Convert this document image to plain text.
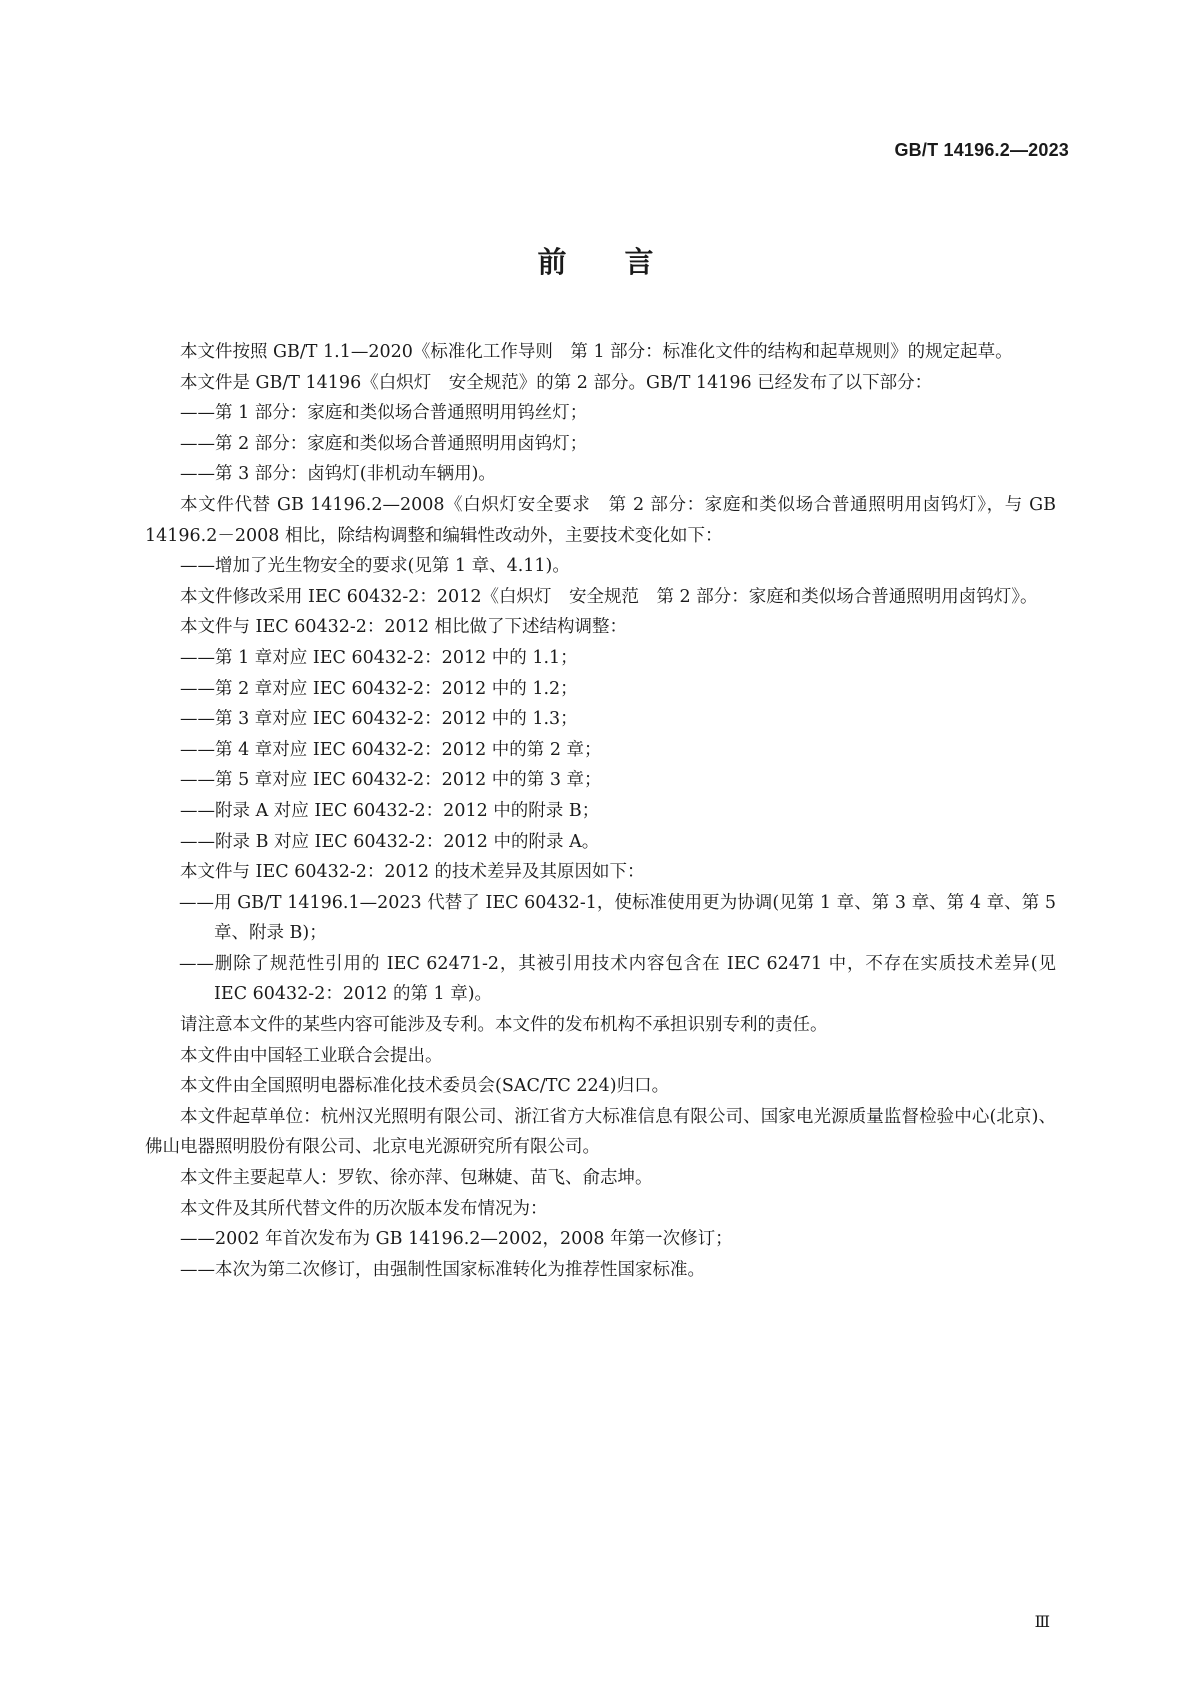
GB/T 14196.2—2023
前言

本文件按照 GB/T 1.1—2020《标准化工作导则　第 1 部分：标准化文件的结构和起草规则》的规定起草。

本文件是 GB/T 14196《白炽灯　安全规范》的第 2 部分。GB/T 14196 已经发布了以下部分：

——第 1 部分：家庭和类似场合普通照明用钨丝灯；

——第 2 部分：家庭和类似场合普通照明用卤钨灯；

——第 3 部分：卤钨灯(非机动车辆用)。

本文件代替 GB 14196.2—2008《白炽灯安全要求　第 2 部分：家庭和类似场合普通照明用卤钨灯》，与 GB 14196.2－2008 相比，除结构调整和编辑性改动外，主要技术变化如下：

——增加了光生物安全的要求(见第 1 章、4.11)。

本文件修改采用 IEC 60432-2：2012《白炽灯　安全规范　第 2 部分：家庭和类似场合普通照明用卤钨灯》。

本文件与 IEC 60432-2：2012 相比做了下述结构调整：

——第 1 章对应 IEC 60432-2：2012 中的 1.1；

——第 2 章对应 IEC 60432-2：2012 中的 1.2；

——第 3 章对应 IEC 60432-2：2012 中的 1.3；

——第 4 章对应 IEC 60432-2：2012 中的第 2 章；

——第 5 章对应 IEC 60432-2：2012 中的第 3 章；

——附录 A 对应 IEC 60432-2：2012 中的附录 B；

——附录 B 对应 IEC 60432-2：2012 中的附录 A。

本文件与 IEC 60432-2：2012 的技术差异及其原因如下：

——用 GB/T 14196.1—2023 代替了 IEC 60432-1，使标准使用更为协调(见第 1 章、第 3 章、第 4 章、第 5 章、附录 B)；

——删除了规范性引用的 IEC 62471-2，其被引用技术内容包含在 IEC 62471 中，不存在实质技术差异(见 IEC 60432-2：2012 的第 1 章)。

请注意本文件的某些内容可能涉及专利。本文件的发布机构不承担识别专利的责任。

本文件由中国轻工业联合会提出。

本文件由全国照明电器标准化技术委员会(SAC/TC 224)归口。

本文件起草单位：杭州汉光照明有限公司、浙江省方大标准信息有限公司、国家电光源质量监督检验中心(北京)、佛山电器照明股份有限公司、北京电光源研究所有限公司。

本文件主要起草人：罗钦、徐亦萍、包琳婕、苗飞、俞志坤。

本文件及其所代替文件的历次版本发布情况为：

——2002 年首次发布为 GB 14196.2—2002，2008 年第一次修订；

——本次为第二次修订，由强制性国家标准转化为推荐性国家标准。

Ⅲ
